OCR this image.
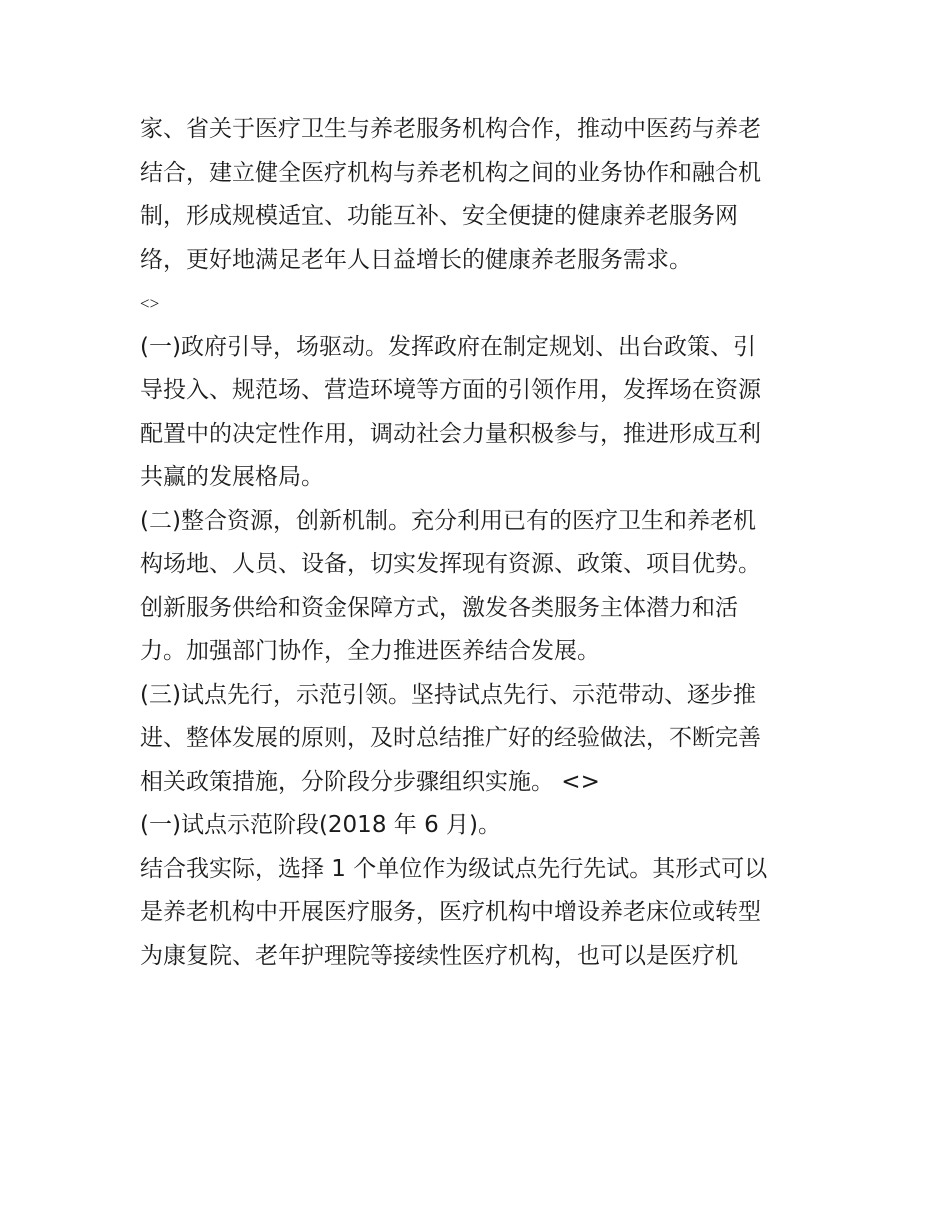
家、省关于医疗卫生与养老服务机构合作，推动中医药与养老
结合，建立健全医疗机构与养老机构之间的业务协作和融合机
制，形成规模适宜、功能互补、安全便捷的健康养老服务网
络，更好地满足老年人日益增长的健康养老服务需求。
<>
(一)政府引导，场驱动。发挥政府在制定规划、出台政策、引
导投入、规范场、营造环境等方面的引领作用，发挥场在资源
配置中的决定性作用，调动社会力量积极参与，推进形成互利
共赢的发展格局。
(二)整合资源，创新机制。充分利用已有的医疗卫生和养老机
构场地、人员、设备，切实发挥现有资源、政策、项目优势。
创新服务供给和资金保障方式，激发各类服务主体潜力和活
力。加强部门协作，全力推进医养结合发展。
(三)试点先行，示范引领。坚持试点先行、示范带动、逐步推
进、整体发展的原则，及时总结推广好的经验做法，不断完善
相关政策措施，分阶段分步骤组织实施。 <>
(一)试点示范阶段(2018 年 6 月)。
结合我实际，选择 1 个单位作为级试点先行先试。其形式可以
是养老机构中开展医疗服务，医疗机构中增设养老床位或转型
为康复院、老年护理院等接续性医疗机构，也可以是医疗机
